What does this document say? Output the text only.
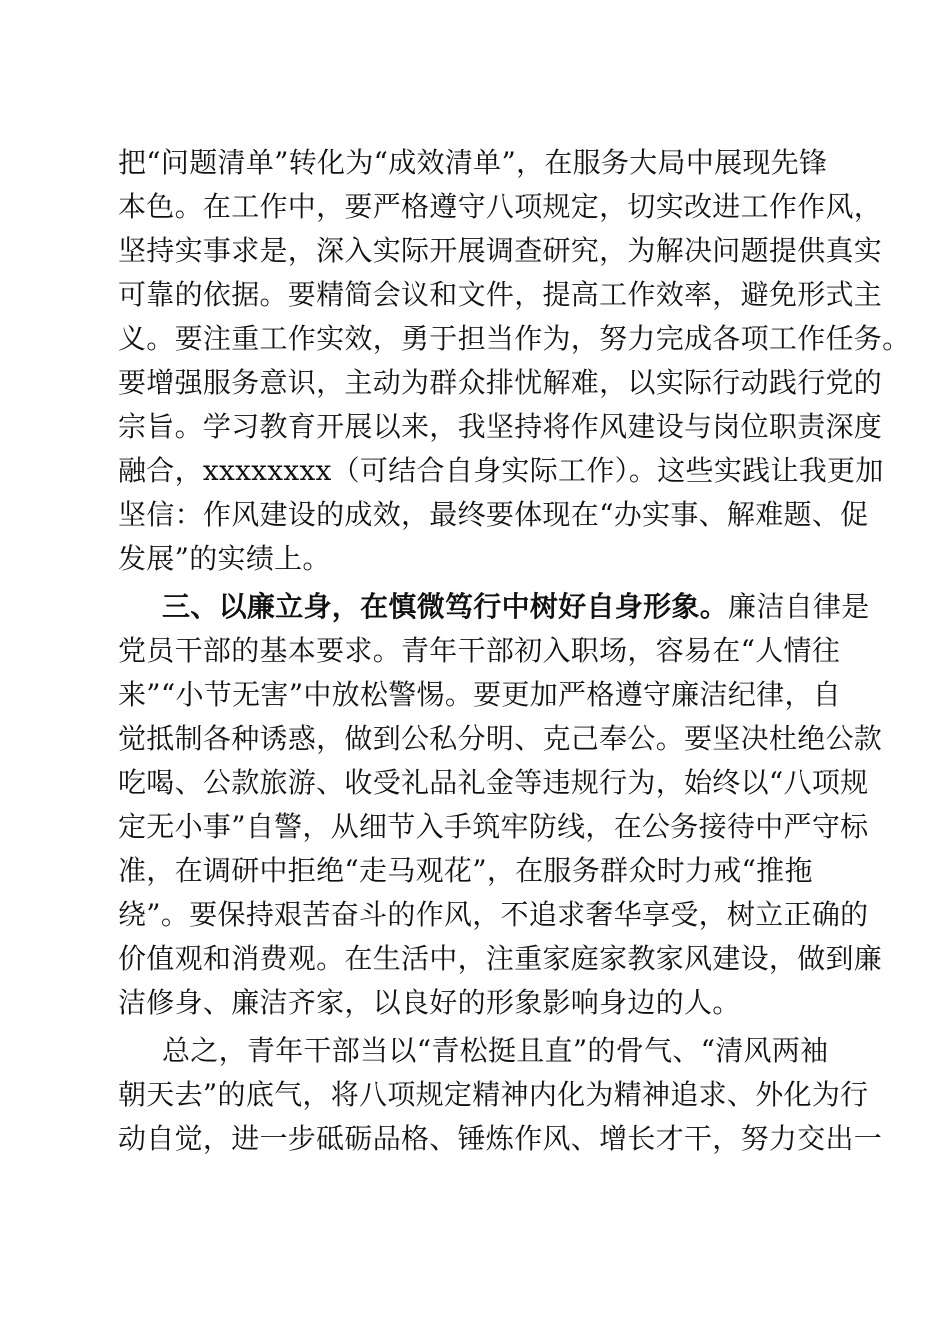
把“问题清单”转化为“成效清单”，在服务大局中展现先锋
本色。在工作中，要严格遵守八项规定，切实改进工作作风，
坚持实事求是，深入实际开展调查研究，为解决问题提供真实
可靠的依据。要精简会议和文件，提高工作效率，避免形式主
义。要注重工作实效，勇于担当作为，努力完成各项工作任务。
要增强服务意识，主动为群众排忧解难，以实际行动践行党的
宗旨。学习教育开展以来，我坚持将作风建设与岗位职责深度
融合，xxxxxxxx（可结合自身实际工作）。这些实践让我更加
坚信：作风建设的成效，最终要体现在“办实事、解难题、促
发展”的实绩上。
三、以廉立身，在慎微笃行中树好自身形象。廉洁自律是
党员干部的基本要求。青年干部初入职场，容易在“人情往
来”“小节无害”中放松警惕。要更加严格遵守廉洁纪律，自
觉抵制各种诱惑，做到公私分明、克己奉公。要坚决杜绝公款
吃喝、公款旅游、收受礼品礼金等违规行为，始终以“八项规
定无小事”自警，从细节入手筑牢防线，在公务接待中严守标
准，在调研中拒绝“走马观花”，在服务群众时力戒“推拖
绕”。要保持艰苦奋斗的作风，不追求奢华享受，树立正确的
价值观和消费观。在生活中，注重家庭家教家风建设，做到廉
洁修身、廉洁齐家，以良好的形象影响身边的人。
总之，青年干部当以“青松挺且直”的骨气、“清风两袖
朝天去”的底气，将八项规定精神内化为精神追求、外化为行
动自觉，进一步砥砺品格、锤炼作风、增长才干，努力交出一
